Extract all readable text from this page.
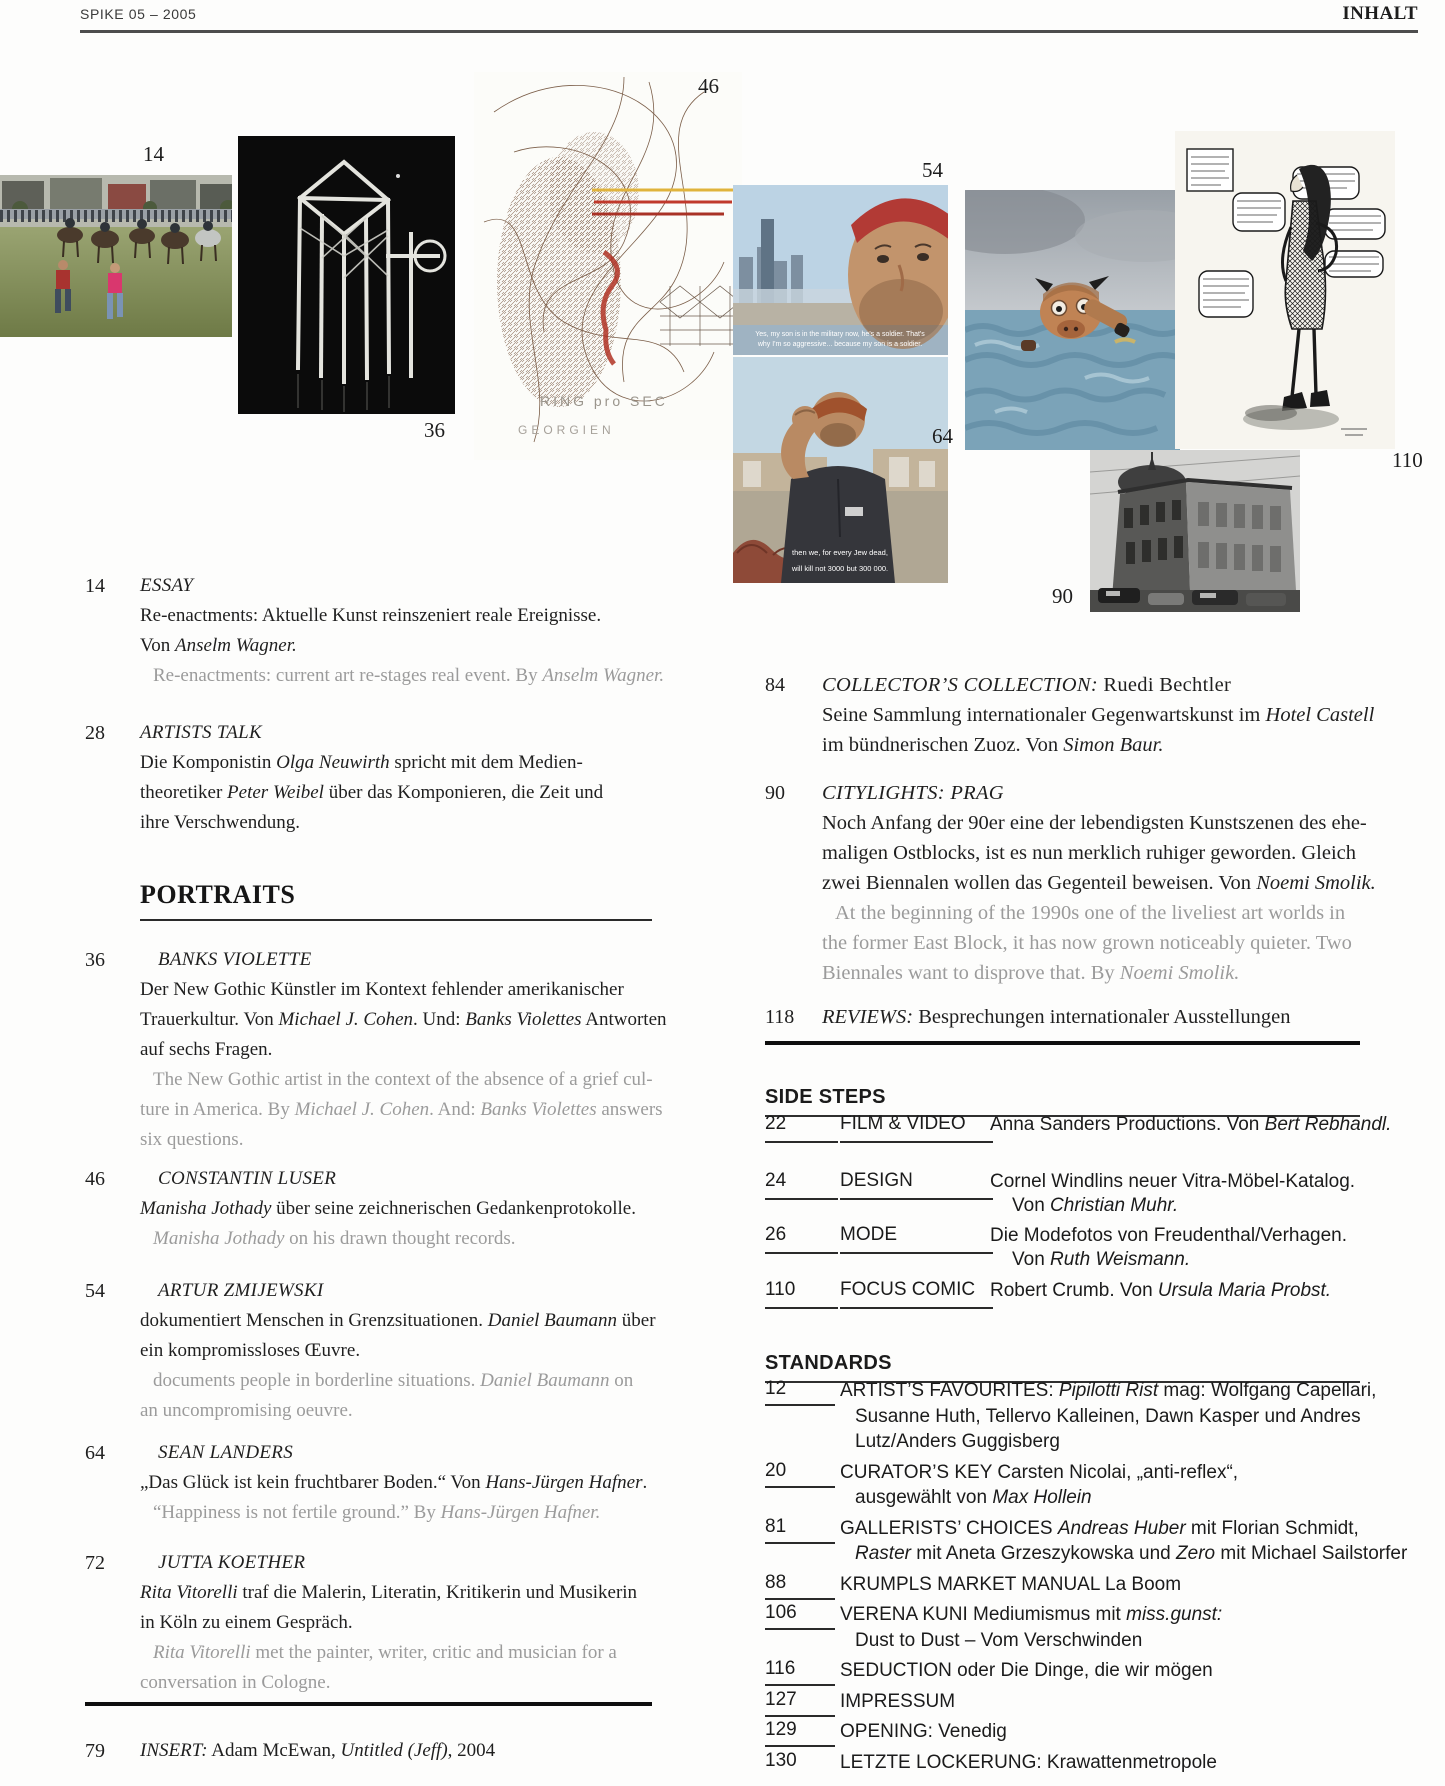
SPIKE 05 – 2005	INHALT
14
36
RING pro SEC
GEORGIEN
46
Yes, my son is in the military now, he's a soldier. That's
why I'm so aggressive... because my son is a soldier.
then we, for every Jew dead,
will kill not 3000 but 300 000.
54
64
110
90
PORTRAITS
SIDE STEPS
STANDARDS
14 ESSAY
Re-enactments: Aktuelle Kunst reinszeniert reale Ereignisse.
Von Anselm Wagner.
Re-enactments: current art re-stages real event. By Anselm Wagner.
28 ARTISTS TALK
Die Komponistin Olga Neuwirth spricht mit dem Medien-
theoretiker Peter Weibel über das Komponieren, die Zeit und
ihre Verschwendung.
36	BANKS VIOLETTE
Der New Gothic Künstler im Kontext fehlender amerikanischer
Trauerkultur. Von Michael J. Cohen. Und: Banks Violettes Antworten
auf sechs Fragen.
The New Gothic artist in the context of the absence of a grief cul-
ture in America. By Michael J. Cohen. And: Banks Violettes answers
six questions.
46	CONSTANTIN LUSER
Manisha Jothady über seine zeichnerischen Gedankenprotokolle.
Manisha Jothady on his drawn thought records.
54	ARTUR ZMIJEWSKI
dokumentiert Menschen in Grenzsituationen. Daniel Baumann über
ein kompromissloses Œuvre.
documents people in borderline situations. Daniel Baumann on
an uncompromising oeuvre.
64	SEAN LANDERS
„Das Glück ist kein fruchtbarer Boden.“ Von Hans-Jürgen Hafner.
“Happiness is not fertile ground.” By Hans-Jürgen Hafner.
72	JUTTA KOETHER
Rita Vitorelli traf die Malerin, Literatin, Kritikerin und Musikerin
in Köln zu einem Gespräch.
Rita Vitorelli met the painter, writer, critic and musician for a
conversation in Cologne.
79 INSERT: Adam McEwan, Untitled (Jeff), 2004
84 COLLECTOR’S COLLECTION: Ruedi Bechtler
Seine Sammlung internationaler Gegenwartskunst im Hotel Castell
im bündnerischen Zuoz. Von Simon Baur.
90 CITYLIGHTS: PRAG
Noch Anfang der 90er eine der lebendigsten Kunstszenen des ehe-
maligen Ostblocks, ist es nun merklich ruhiger geworden. Gleich
zwei Biennalen wollen das Gegenteil beweisen. Von Noemi Smolik.
At the beginning of the 1990s one of the liveliest art worlds in
the former East Block, it has now grown noticeably quieter. Two
Biennales want to disprove that. By Noemi Smolik.
118 REVIEWS: Besprechungen internationaler Ausstellungen
22	FILM & VIDEO	Anna Sanders Productions. Von Bert Rebhandl.
24	DESIGN	Cornel Windlins neuer Vitra-Möbel-Katalog.
Von Christian Muhr.
26	MODE	Die Modefotos von Freudenthal/Verhagen.
Von Ruth Weismann.
110	FOCUS COMIC Robert Crumb. Von Ursula Maria Probst.
12	ARTIST’S FAVOURITES: Pipilotti Rist mag: Wolfgang Capellari,
Susanne Huth, Tellervo Kalleinen, Dawn Kasper und Andres
Lutz/Anders Guggisberg
20	CURATOR’S KEY Carsten Nicolai, „anti-reflex“,
ausgewählt von Max Hollein
81	GALLERISTS’ CHOICES Andreas Huber mit Florian Schmidt,
Raster mit Aneta Grzeszykowska und Zero mit Michael Sailstorfer
88	KRUMPLS MARKET MANUAL La Boom
106	VERENA KUNI Mediumismus mit miss.gunst:
Dust to Dust – Vom Verschwinden
116	SEDUCTION oder Die Dinge, die wir mögen
127	IMPRESSUM
129	OPENING: Venedig
130	LETZTE LOCKERUNG: Krawattenmetropole
